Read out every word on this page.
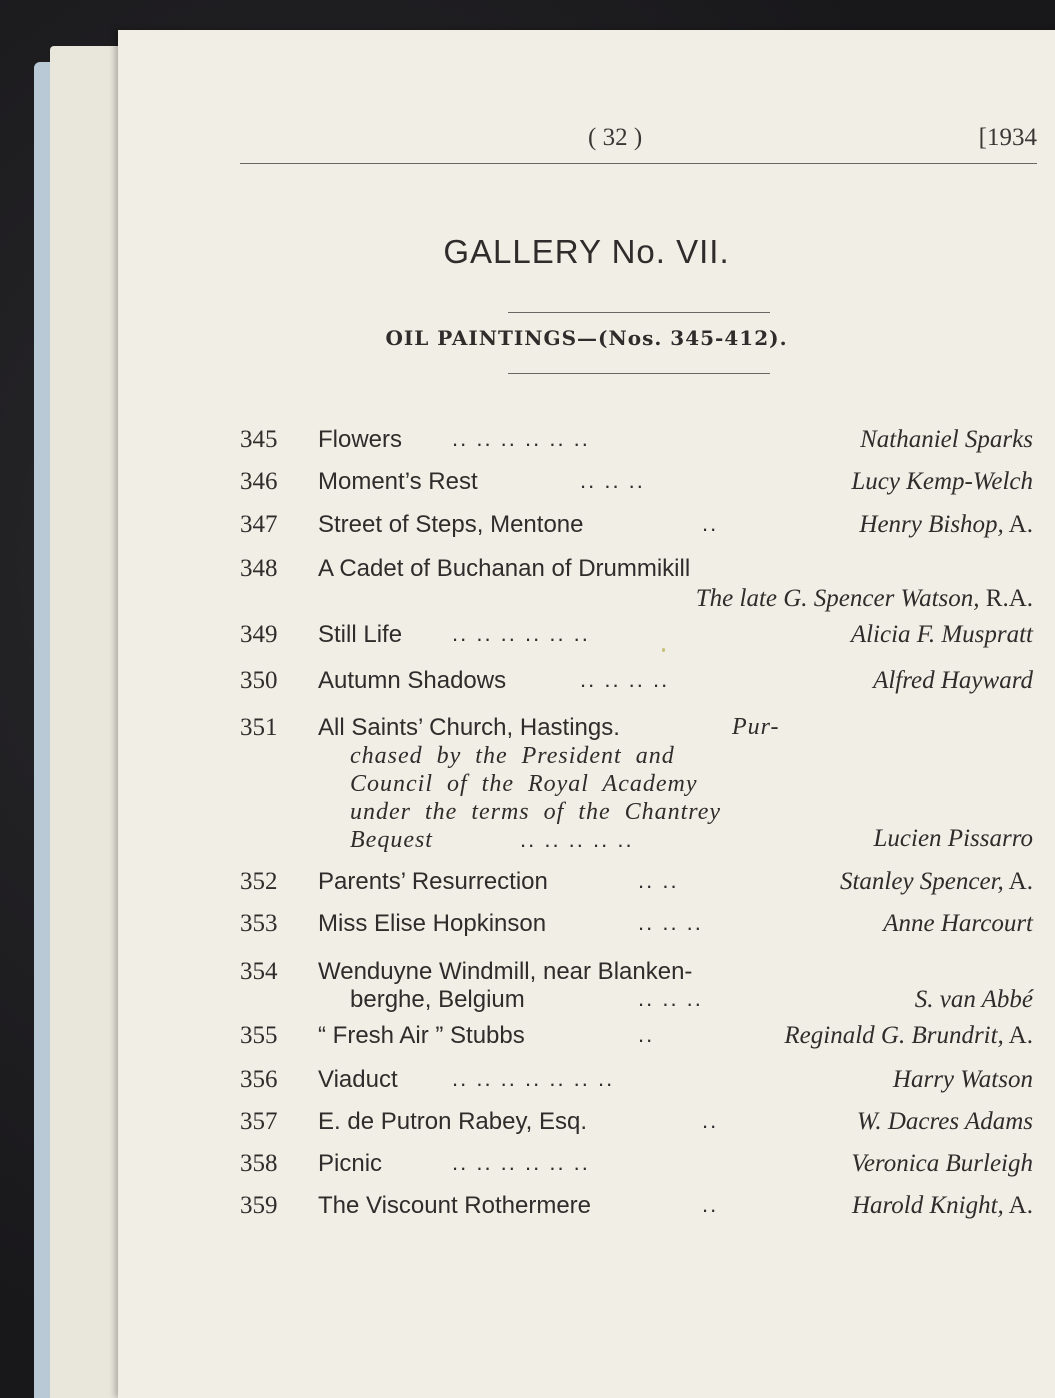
( 32 )	[1934
GALLERY No. VII.
OIL PAINTINGS—(Nos. 345-412).
345 Flowers .. .. .. .. .. ..	Nathaniel Sparks
346 Moment’s Rest	.. .. ..	Lucy Kemp-Welch
347 Street of Steps, Mentone	..	Henry Bishop, A.
348 A Cadet of Buchanan of Drummikill
The late G. Spencer Watson, R.A.
349 Still Life .. .. .. .. .. ..	Alicia F. Muspratt
350 Autumn Shadows	.. .. .. ..	Alfred Hayward
351 All Saints’ Church, Hastings.	Pur-
chased  by  the  President  and
Council  of  the  Royal  Academy
under  the  terms  of  the  Chantrey
Bequest	.. .. .. .. ..	Lucien Pissarro
352 Parents’ Resurrection	.. ..	Stanley Spencer, A.
353 Miss Elise Hopkinson	.. .. ..	Anne Harcourt
354 Wenduyne Windmill, near Blanken-
berghe, Belgium	.. .. ..	S. van Abbé
355 “ Fresh Air ” Stubbs	..	Reginald G. Brundrit, A.
356 Viaduct .. .. .. .. .. .. ..	Harry Watson
357 E. de Putron Rabey, Esq.	..	W. Dacres Adams
358 Picnic	.. .. .. .. .. ..	Veronica Burleigh
359 The Viscount Rothermere	..	Harold Knight, A.
